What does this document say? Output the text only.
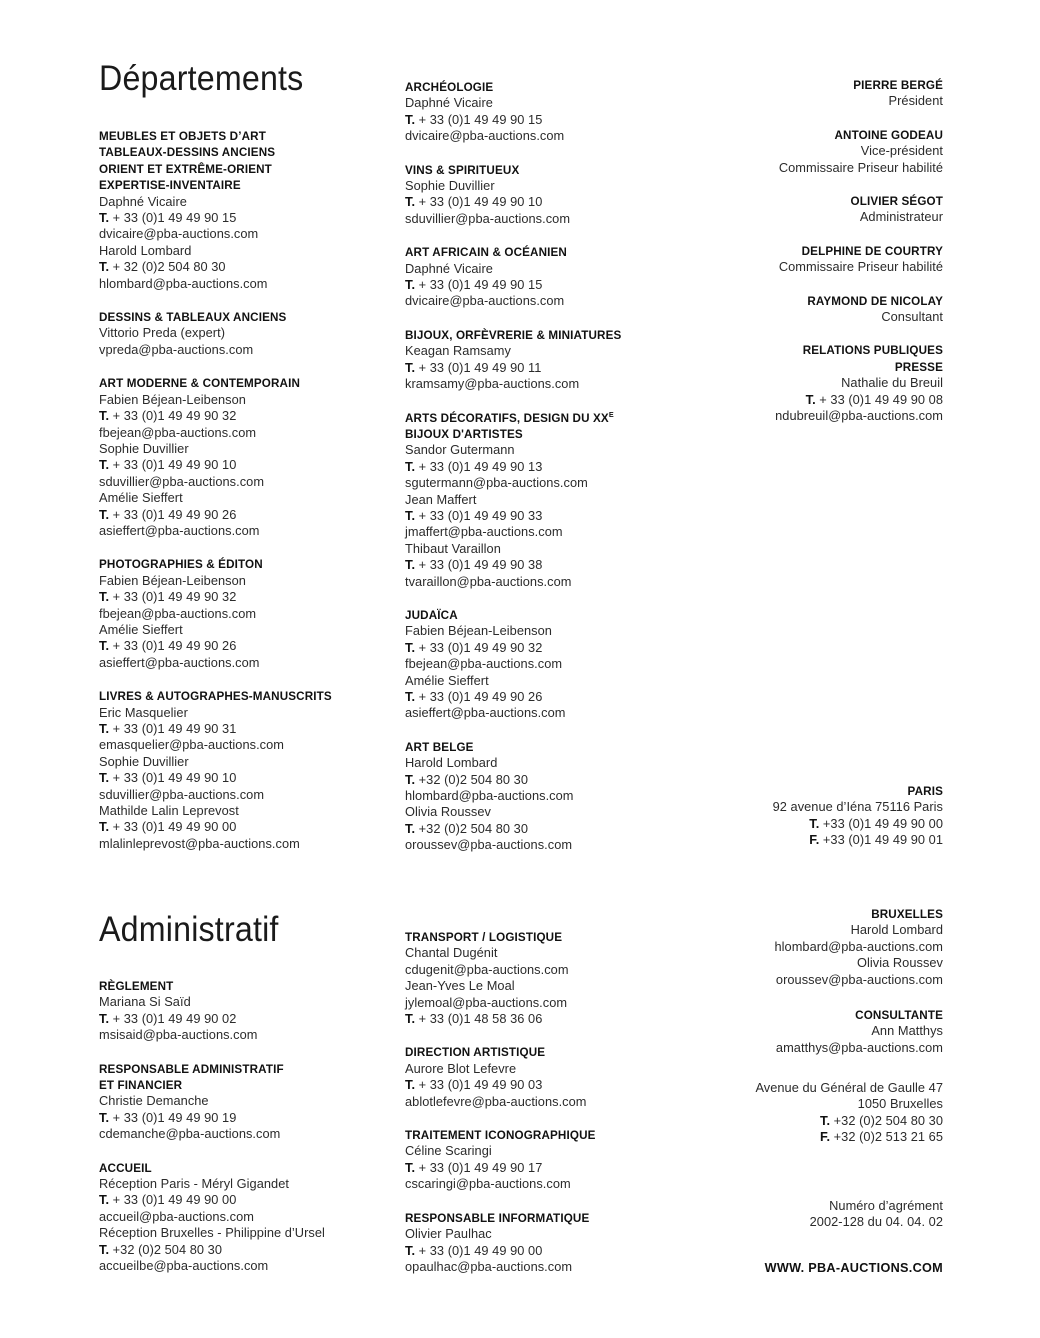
Départements
MEUBLES ET OBJETS D’ART
TABLEAUX-DESSINS ANCIENS
ORIENT ET EXTRÊME-ORIENT
EXPERTISE-INVENTAIRE
Daphné Vicaire
T. + 33 (0)1 49 49 90 15
dvicaire@pba-auctions.com
Harold Lombard
T. + 32 (0)2 504 80 30
hlombard@pba-auctions.com
DESSINS & TABLEAUX ANCIENS
Vittorio Preda (expert)
vpreda@pba-auctions.com
ART MODERNE & CONTEMPORAIN
Fabien Béjean-Leibenson
T. + 33 (0)1 49 49 90 32
fbejean@pba-auctions.com
Sophie Duvillier
T. + 33 (0)1 49 49 90 10
sduvillier@pba-auctions.com
Amélie Sieffert
T. + 33 (0)1 49 49 90 26
asieffert@pba-auctions.com
PHOTOGRAPHIES & ÉDITON
Fabien Béjean-Leibenson
T. + 33 (0)1 49 49 90 32
fbejean@pba-auctions.com
Amélie Sieffert
T. + 33 (0)1 49 49 90 26
asieffert@pba-auctions.com
LIVRES & AUTOGRAPHES-MANUSCRITS
Eric Masquelier
T. + 33 (0)1 49 49 90 31
emasquelier@pba-auctions.com
Sophie Duvillier
T. + 33 (0)1 49 49 90 10
sduvillier@pba-auctions.com
Mathilde Lalin Leprevost
T. + 33 (0)1 49 49 90 00
mlalinleprevost@pba-auctions.com
ARCHÉOLOGIE
Daphné Vicaire
T. + 33 (0)1 49 49 90 15
dvicaire@pba-auctions.com
VINS & SPIRITUEUX
Sophie Duvillier
T. + 33 (0)1 49 49 90 10
sduvillier@pba-auctions.com
ART AFRICAIN & OCÉANIEN
Daphné Vicaire
T. + 33 (0)1 49 49 90 15
dvicaire@pba-auctions.com
BIJOUX, ORFÈVRERIE & MINIATURES
Keagan Ramsamy
T. + 33 (0)1 49 49 90 11
kramsamy@pba-auctions.com
ARTS DÉCORATIFS, DESIGN DU $XX^E$
BIJOUX D'ARTISTES
Sandor Gutermann
T. + 33 (0)1 49 49 90 13
sgutermann@pba-auctions.com
Jean Maffert
T. + 33 (0)1 49 49 90 33
jmaffert@pba-auctions.com
Thibaut Varaillon
T. + 33 (0)1 49 49 90 38
tvaraillon@pba-auctions.com
JUDAÏCA
Fabien Béjean-Leibenson
T. + 33 (0)1 49 49 90 32
fbejean@pba-auctions.com
Amélie Sieffert
T. + 33 (0)1 49 49 90 26
asieffert@pba-auctions.com
ART BELGE
Harold Lombard
T. +32 (0)2 504 80 30
hlombard@pba-auctions.com
Olivia Roussev
T. +32 (0)2 504 80 30
oroussev@pba-auctions.com
PIERRE BERGÉ
Président
ANTOINE GODEAU
Vice-président
Commissaire Priseur habilité
OLIVIER SÉGOT
Administrateur
DELPHINE DE COURTRY
Commissaire Priseur habilité
RAYMOND DE NICOLAY
Consultant
RELATIONS PUBLIQUES
PRESSE
Nathalie du Breuil
T. + 33 (0)1 49 49 90 08
ndubreuil@pba-auctions.com
PARIS
92 avenue d’Iéna 75116 Paris
T. +33 (0)1 49 49 90 00
F. +33 (0)1 49 49 90 01
BRUXELLES
Harold Lombard
hlombard@pba-auctions.com
Olivia Roussev
oroussev@pba-auctions.com
CONSULTANTE
Ann Matthys
amatthys@pba-auctions.com
Avenue du Général de Gaulle 47
1050 Bruxelles
T. +32 (0)2 504 80 30
F. +32 (0)2 513 21 65
Numéro d’agrément
2002-128 du 04. 04. 02
WWW. PBA-AUCTIONS.COM
Administratif
RÈGLEMENT
Mariana Si Saïd
T. + 33 (0)1 49 49 90 02
msisaid@pba-auctions.com
RESPONSABLE ADMINISTRATIF
ET FINANCIER
Christie Demanche
T. + 33 (0)1 49 49 90 19
cdemanche@pba-auctions.com
ACCUEIL
Réception Paris - Méryl Gigandet
T. + 33 (0)1 49 49 90 00
accueil@pba-auctions.com
Réception Bruxelles - Philippine d’Ursel
T. +32 (0)2 504 80 30
accueilbe@pba-auctions.com
TRANSPORT / LOGISTIQUE
Chantal Dugénit
cdugenit@pba-auctions.com
Jean-Yves Le Moal
jylemoal@pba-auctions.com
T. + 33 (0)1 48 58 36 06
DIRECTION ARTISTIQUE
Aurore Blot Lefevre
T. + 33 (0)1 49 49 90 03
ablotlefevre@pba-auctions.com
TRAITEMENT ICONOGRAPHIQUE
Céline Scaringi
T. + 33 (0)1 49 49 90 17
cscaringi@pba-auctions.com
RESPONSABLE INFORMATIQUE
Olivier Paulhac
T. + 33 (0)1 49 49 90 00
opaulhac@pba-auctions.com
